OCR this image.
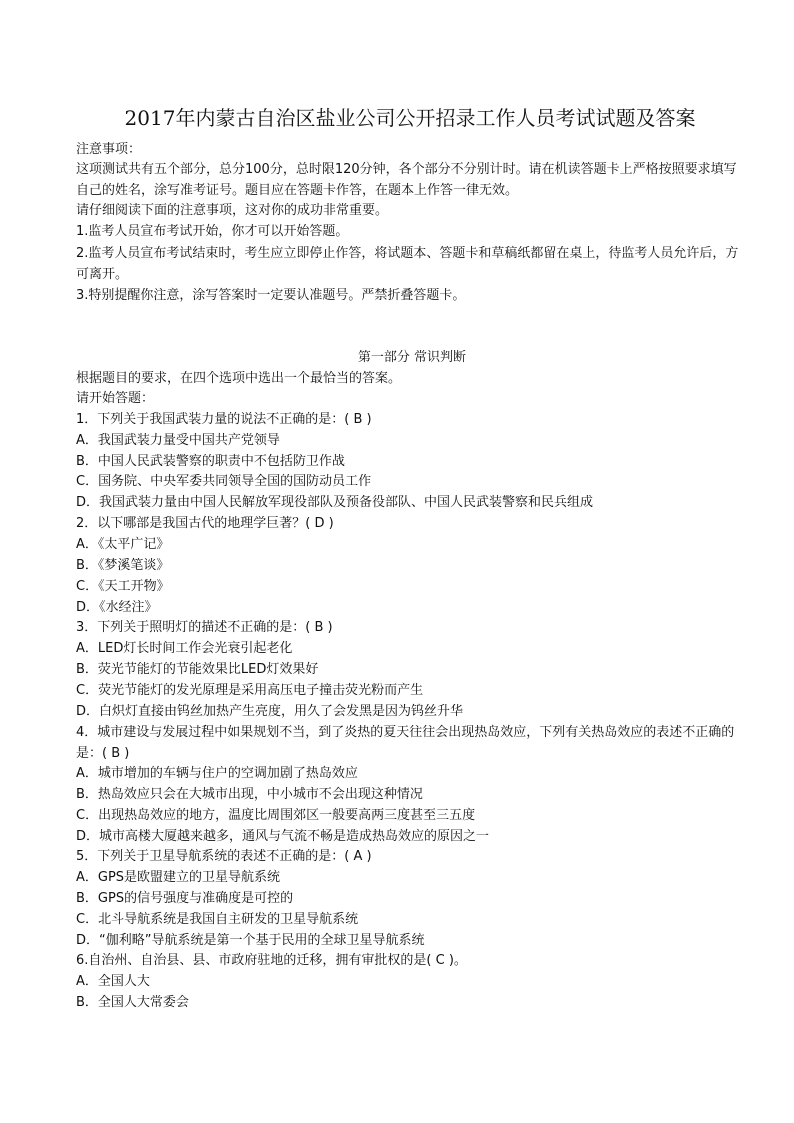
2017年内蒙古自治区盐业公司公开招录工作人员考试试题及答案
注意事项：
这项测试共有五个部分，总分100分，总时限120分钟，各个部分不分别计时。请在机读答题卡上严格按照要求填写自己的姓名，涂写准考证号。题目应在答题卡作答，在题本上作答一律无效。
请仔细阅读下面的注意事项，这对你的成功非常重要。
1.监考人员宣布考试开始，你才可以开始答题。
2.监考人员宣布考试结束时，考生应立即停止作答，将试题本、答题卡和草稿纸都留在桌上，待监考人员允许后，方可离开。
3.特别提醒你注意，涂写答案时一定要认准题号。严禁折叠答题卡。
第一部分 常识判断
根据题目的要求，在四个选项中选出一个最恰当的答案。
请开始答题：
1．下列关于我国武装力量的说法不正确的是：( B )
A．我国武装力量受中国共产党领导
B．中国人民武装警察的职责中不包括防卫作战
C．国务院、中央军委共同领导全国的国防动员工作
D．我国武装力量由中国人民解放军现役部队及预备役部队、中国人民武装警察和民兵组成
2．以下哪部是我国古代的地理学巨著？( D )
A．《太平广记》
B．《梦溪笔谈》
C．《天工开物》
D．《水经注》
3．下列关于照明灯的描述不正确的是：( B )
A．LED灯长时间工作会光衰引起老化
B．荧光节能灯的节能效果比LED灯效果好
C．荧光节能灯的发光原理是采用高压电子撞击荧光粉而产生
D．白炽灯直接由钨丝加热产生亮度，用久了会发黑是因为钨丝升华
4．城市建设与发展过程中如果规划不当，到了炎热的夏天往往会出现热岛效应，下列有关热岛效应的表述不正确的是：( B )
A．城市增加的车辆与住户的空调加剧了热岛效应
B．热岛效应只会在大城市出现，中小城市不会出现这种情况
C．出现热岛效应的地方，温度比周围郊区一般要高两三度甚至三五度
D．城市高楼大厦越来越多，通风与气流不畅是造成热岛效应的原因之一
5．下列关于卫星导航系统的表述不正确的是：( A )
A．GPS是欧盟建立的卫星导航系统
B．GPS的信号强度与准确度是可控的
C．北斗导航系统是我国自主研发的卫星导航系统
D．“伽利略”导航系统是第一个基于民用的全球卫星导航系统
6.自治州、自治县、县、市政府驻地的迁移，拥有审批权的是( C )。
A．全国人大
B．全国人大常委会
